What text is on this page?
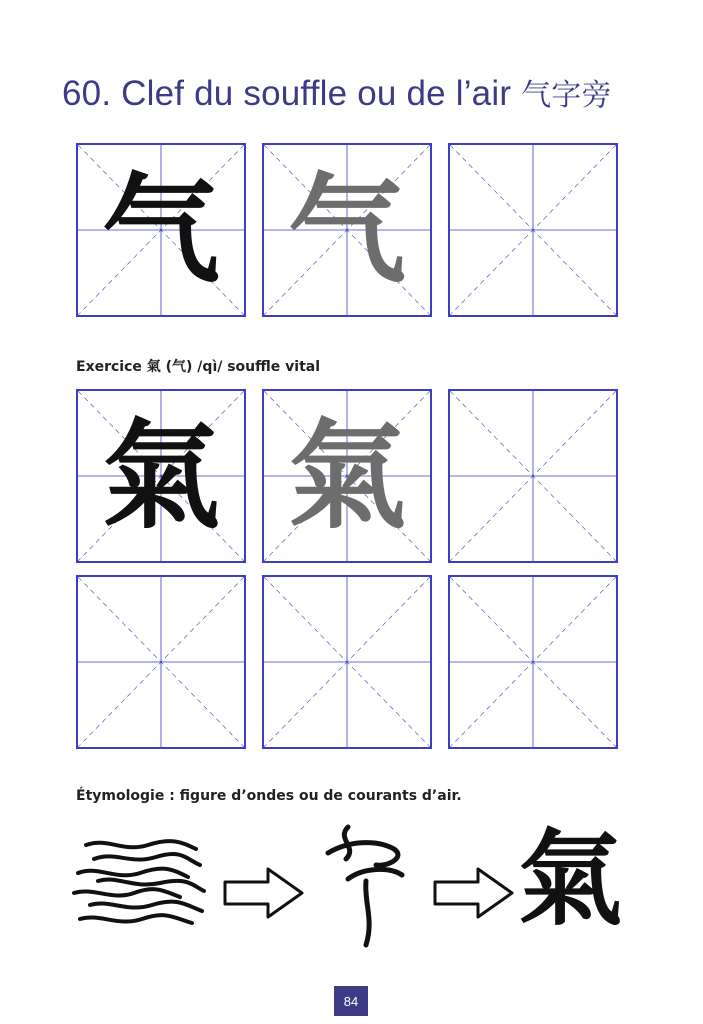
60. Clef du souffle ou de l’air 气字旁
气 气
Exercice 氣 (气) /qì/ souffle vital
氣 氣
Étymologie : figure d’ondes ou de courants d’air.
氣
84
